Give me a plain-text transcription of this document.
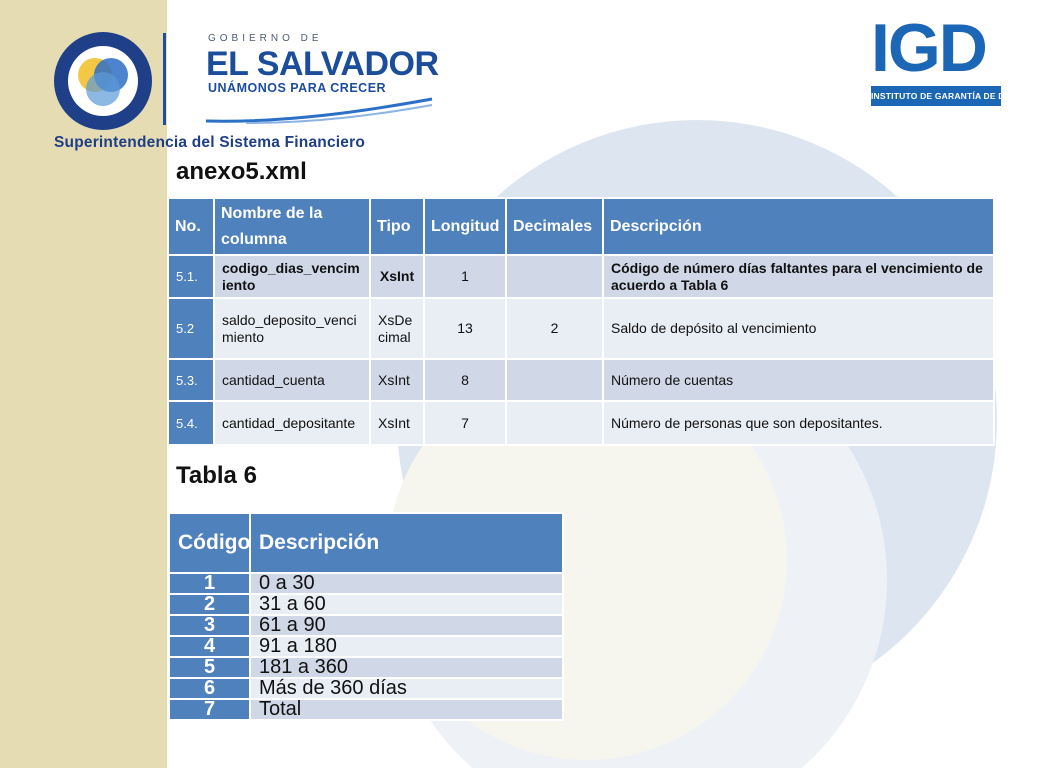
GOBIERNO DE
EL SALVADOR
UNÁMONOS PARA CRECER
Superintendencia del Sistema Financiero
IGD
INSTITUTO DE GARANTÍA DE DEPÓSITOS
anexo5.xml
No.	Nombre de la columna	Tipo	Longitud	Decimales	Descripción
5.1.	codigo_dias_vencimiento	XsInt	1		Código de número días faltantes para el vencimiento de acuerdo a Tabla 6
5.2	saldo_deposito_vencimiento	XsDecimal	13	2	Saldo de depósito al vencimiento
5.3.	cantidad_cuenta	XsInt	8		Número de cuentas
5.4.	cantidad_depositante	XsInt	7		Número de personas que son depositantes.
Tabla 6
Código	Descripción
1	0 a 30
2	31 a 60
3	61 a 90
4	91 a 180
5	181 a 360
6	Más de 360 días
7	Total
